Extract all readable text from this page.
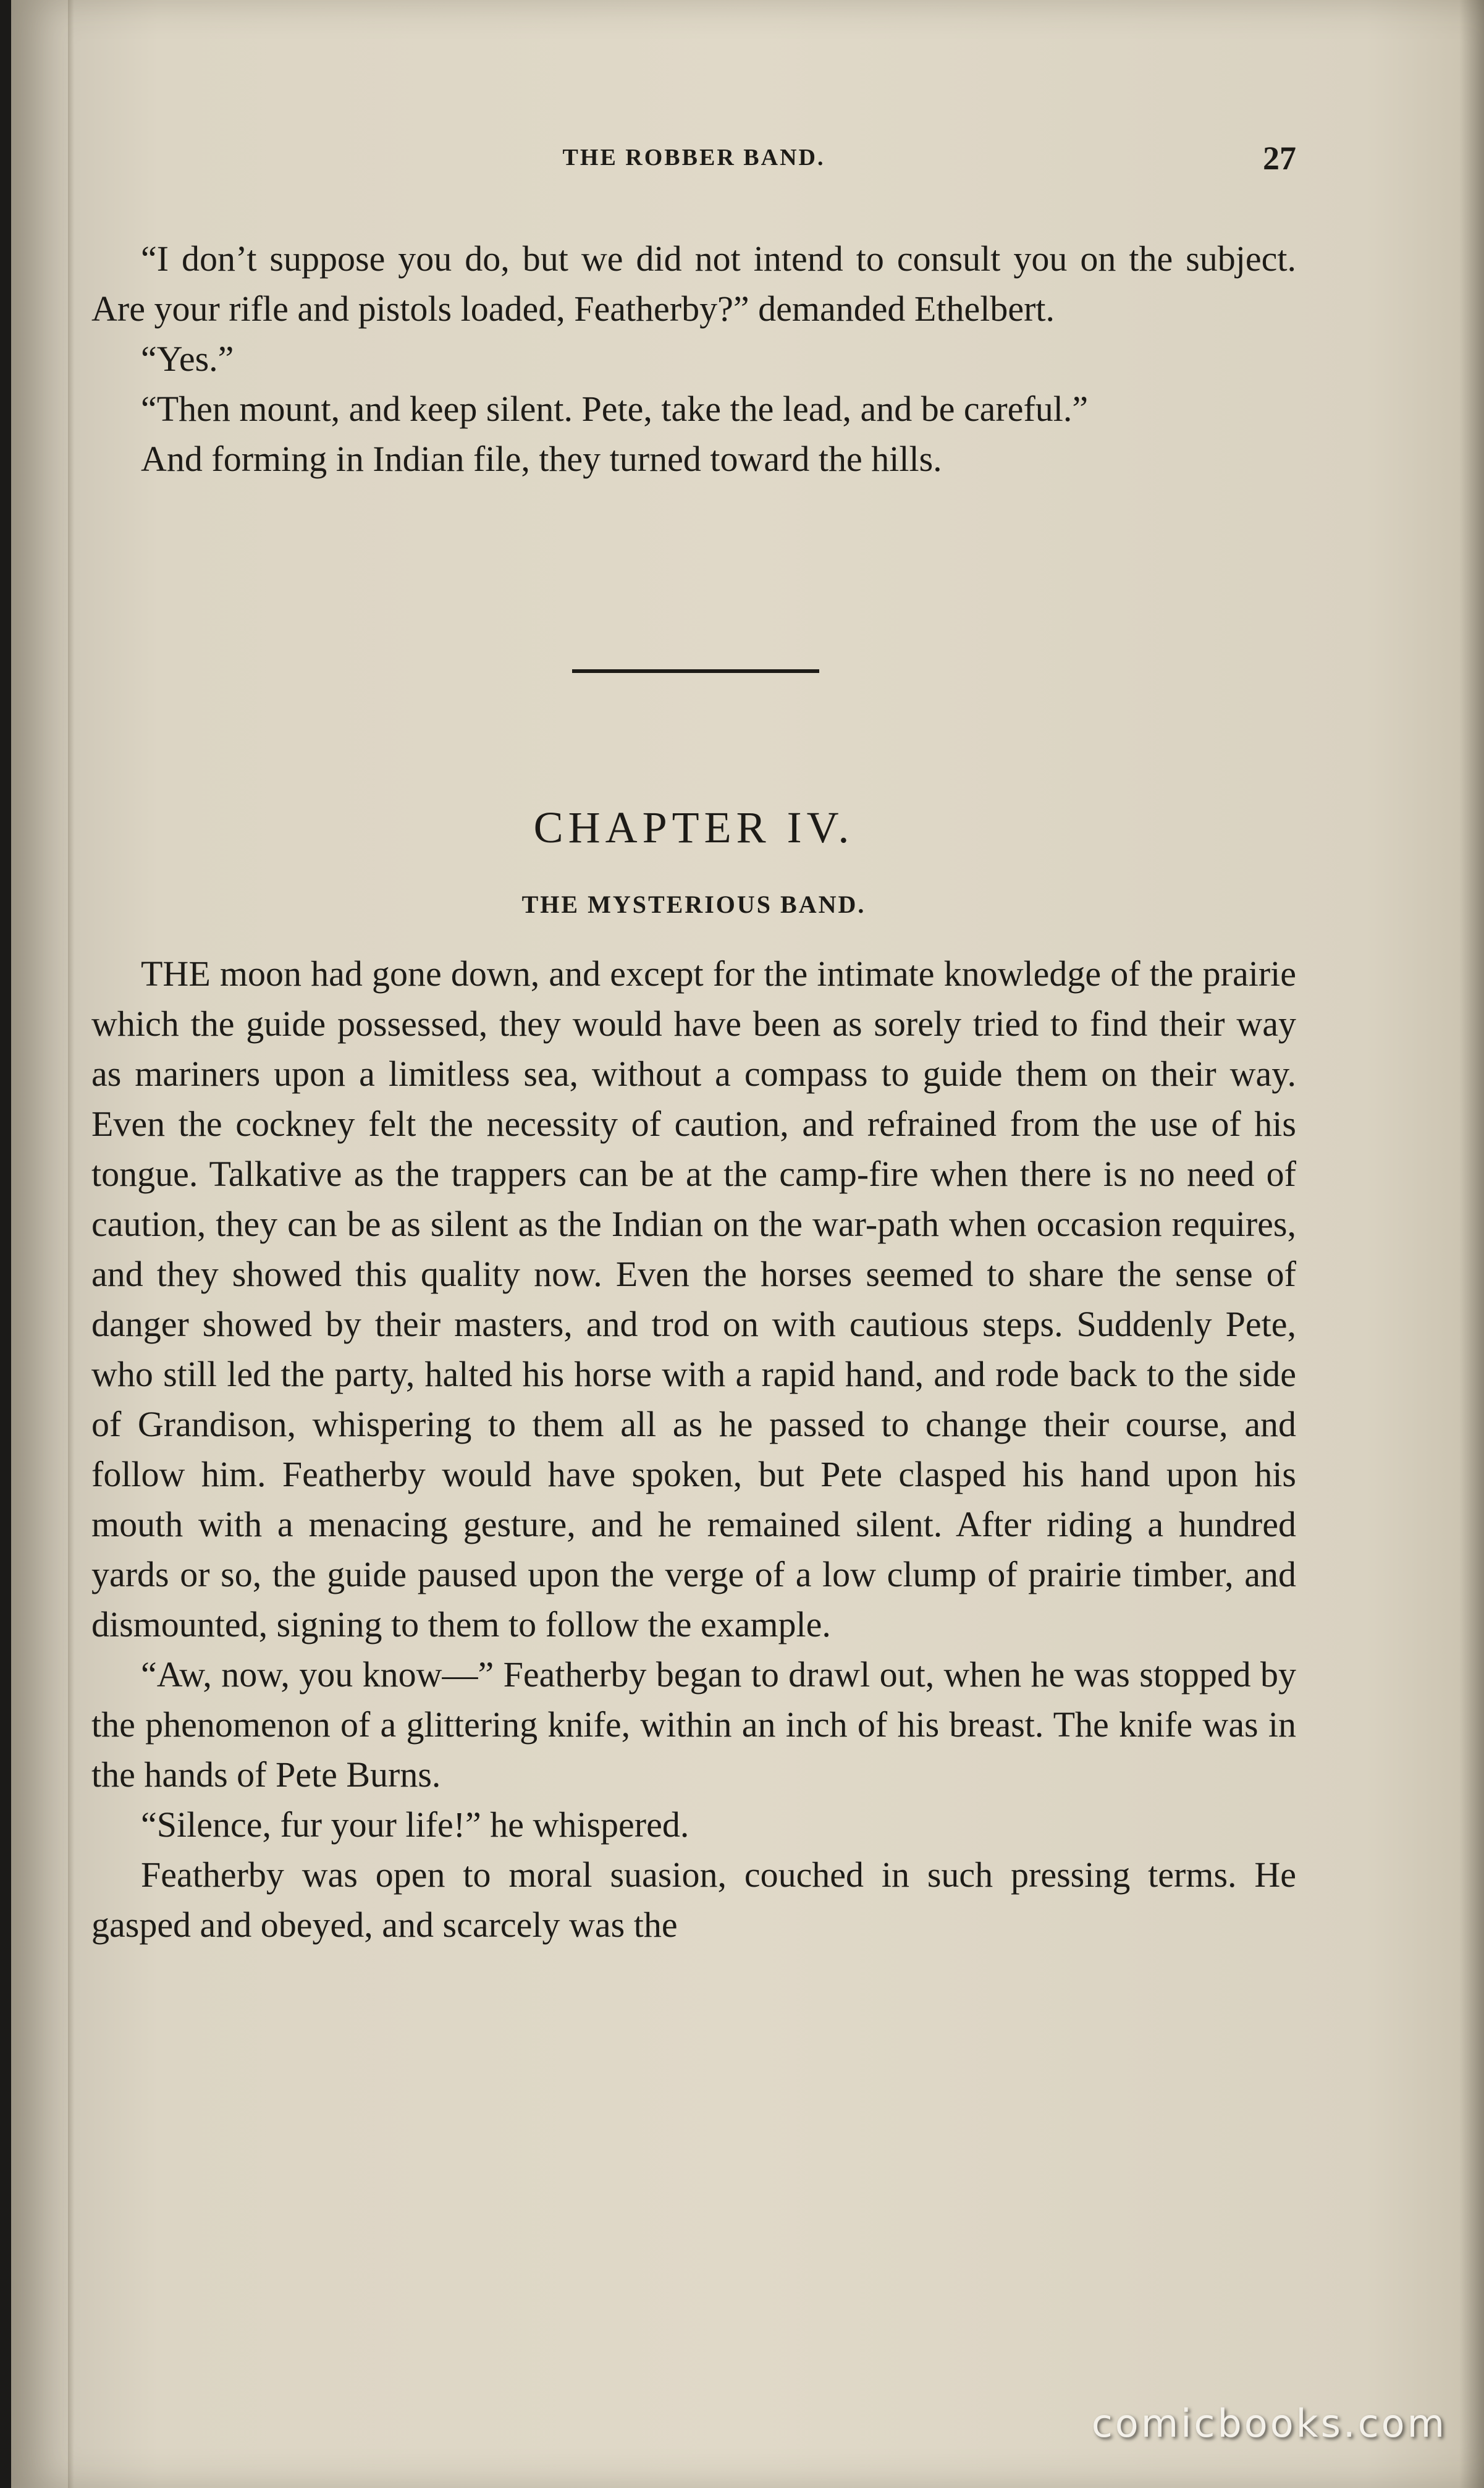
THE ROBBER BAND.	27

“I don’t suppose you do, but we did not intend to consult you on the subject. Are your rifle and pistols loaded, Featherby?” demanded Ethelbert.

“Yes.”

“Then mount, and keep silent. Pete, take the lead, and be careful.”

And forming in Indian file, they turned toward the hills.

CHAPTER IV.
THE MYSTERIOUS BAND.

THE moon had gone down, and except for the intimate knowledge of the prairie which the guide possessed, they would have been as sorely tried to find their way as mariners upon a limitless sea, without a compass to guide them on their way. Even the cockney felt the necessity of caution, and refrained from the use of his tongue. Talkative as the trappers can be at the camp-fire when there is no need of caution, they can be as silent as the Indian on the war-path when occasion requires, and they showed this quality now. Even the horses seemed to share the sense of danger showed by their masters, and trod on with cautious steps. Suddenly Pete, who still led the party, halted his horse with a rapid hand, and rode back to the side of Grandison, whispering to them all as he passed to change their course, and follow him. Featherby would have spoken, but Pete clasped his hand upon his mouth with a menacing gesture, and he remained silent. After riding a hundred yards or so, the guide paused upon the verge of a low clump of prairie timber, and dismounted, signing to them to follow the example.

“Aw, now, you know—” Featherby began to drawl out, when he was stopped by the phenomenon of a glittering knife, within an inch of his breast. The knife was in the hands of Pete Burns.

“Silence, fur your life!” he whispered.

Featherby was open to moral suasion, couched in such pressing terms. He gasped and obeyed, and scarcely was the

comicbooks.com
